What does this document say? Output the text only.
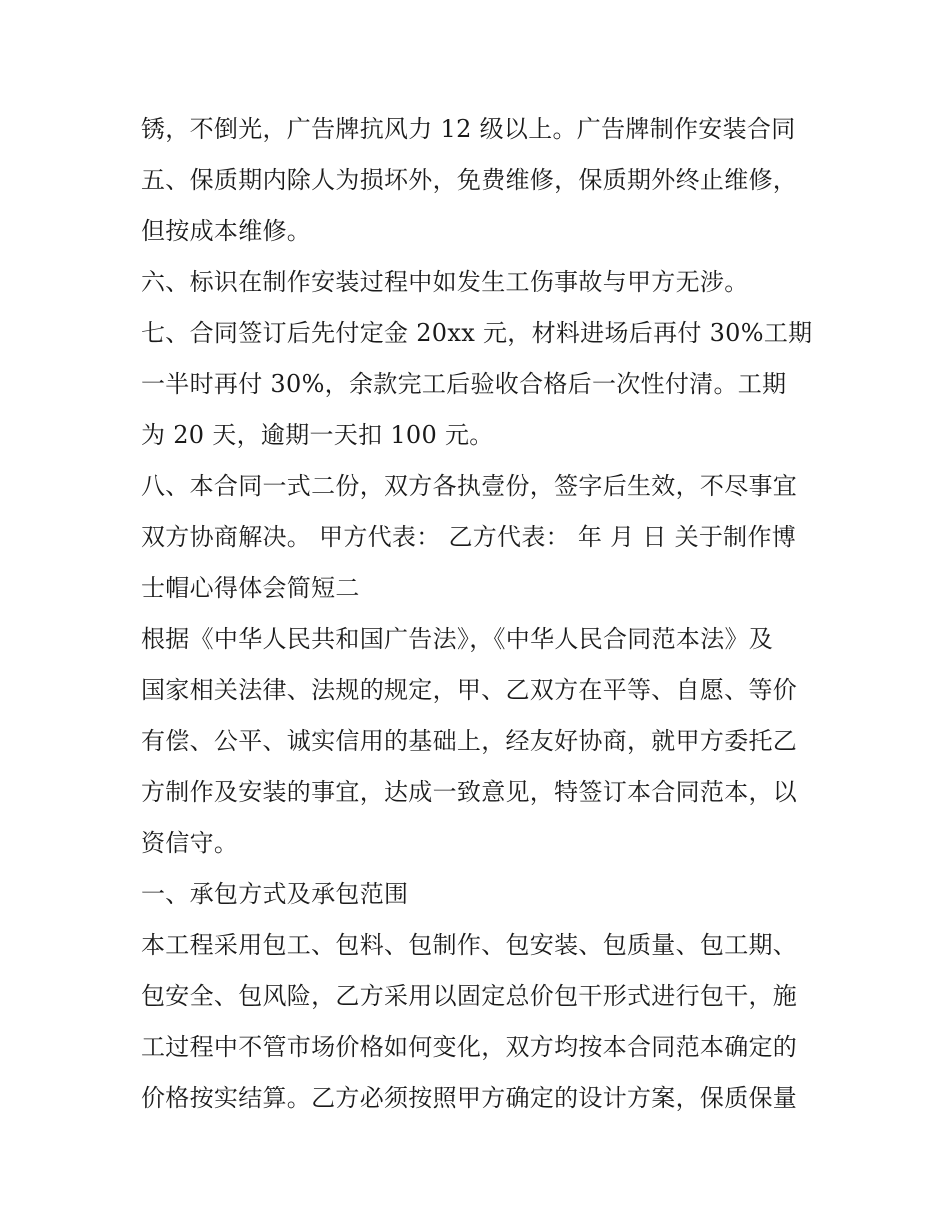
锈，不倒光，广告牌抗风力 12 级以上。广告牌制作安装合同
五、保质期内除人为损坏外，免费维修，保质期外终止维修，
但按成本维修。
六、标识在制作安装过程中如发生工伤事故与甲方无涉。
七、合同签订后先付定金 20xx 元，材料进场后再付 30%工期
一半时再付 30%，余款完工后验收合格后一次性付清。工期
为 20 天，逾期一天扣 100 元。
八、本合同一式二份，双方各执壹份，签字后生效，不尽事宜
双方协商解决。 甲方代表： 乙方代表： 年 月 日 关于制作博
士帽心得体会简短二
根据《中华人民共和国广告法》，《中华人民合同范本法》及
国家相关法律、法规的规定，甲、乙双方在平等、自愿、等价
有偿、公平、诚实信用的基础上，经友好协商，就甲方委托乙
方制作及安装的事宜，达成一致意见，特签订本合同范本，以
资信守。
一、承包方式及承包范围
本工程采用包工、包料、包制作、包安装、包质量、包工期、
包安全、包风险，乙方采用以固定总价包干形式进行包干，施
工过程中不管市场价格如何变化，双方均按本合同范本确定的
价格按实结算。乙方必须按照甲方确定的设计方案，保质保量
